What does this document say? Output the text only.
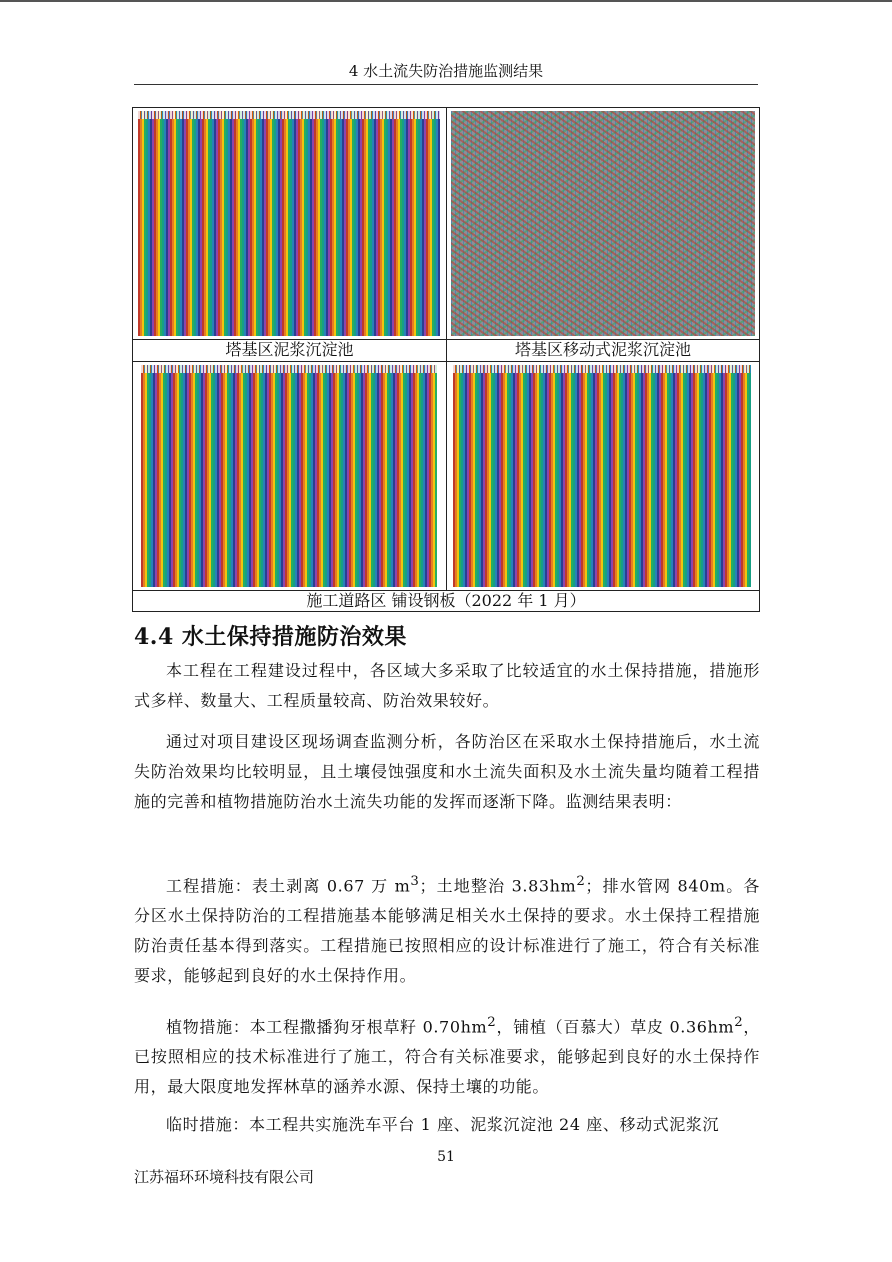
4 水土流失防治措施监测结果
塔基区泥浆沉淀池	塔基区移动式泥浆沉淀池
施工道路区 铺设钢板（2022 年 1 月）
4.4 水土保持措施防治效果

本工程在工程建设过程中，各区域大多采取了比较适宜的水土保持措施，措施形式多样、数量大、工程质量较高、防治效果较好。

通过对项目建设区现场调查监测分析，各防治区在采取水土保持措施后，水土流失防治效果均比较明显，且土壤侵蚀强度和水土流失面积及水土流失量均随着工程措施的完善和植物措施防治水土流失功能的发挥而逐渐下降。监测结果表明：

工程措施：表土剥离 0.67 万 $m^3$；土地整治 $3.83hm^2$；排水管网 840m。各分区水土保持防治的工程措施基本能够满足相关水土保持的要求。水土保持工程措施防治责任基本得到落实。工程措施已按照相应的设计标准进行了施工，符合有关标准要求，能够起到良好的水土保持作用。

植物措施：本工程撒播狗牙根草籽 $0.70hm^2$，铺植（百慕大）草皮 $0.36hm^2$，已按照相应的技术标准进行了施工，符合有关标准要求，能够起到良好的水土保持作用，最大限度地发挥林草的涵养水源、保持土壤的功能。

临时措施：本工程共实施洗车平台 1 座、泥浆沉淀池 24 座、移动式泥浆沉

51
江苏福环环境科技有限公司
